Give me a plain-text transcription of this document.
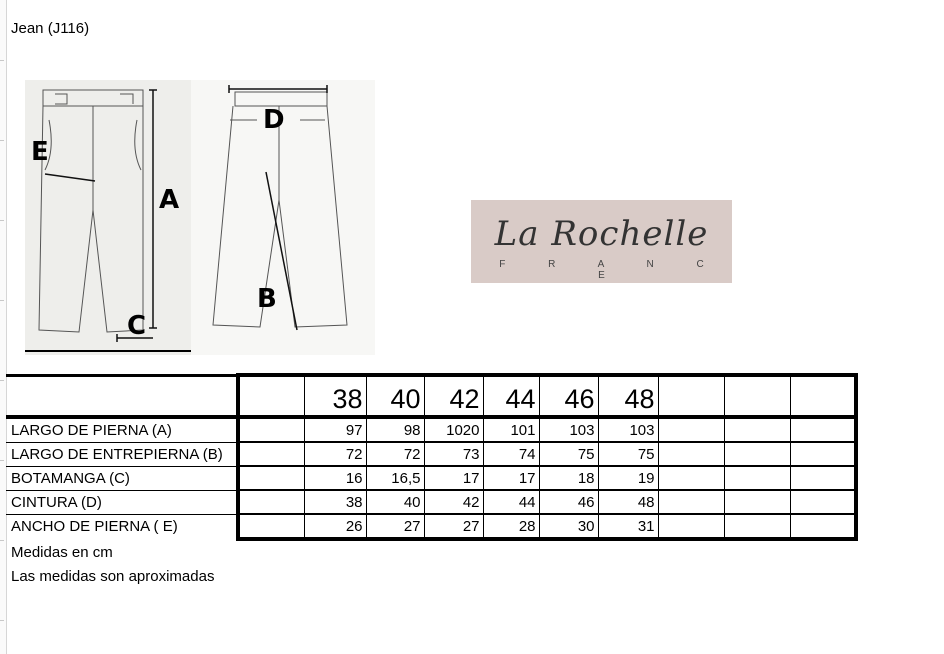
Jean (J116)
A
B
C
D
E
La Rochelle
F R A N C E
		38	40	42	44	46	48			
LARGO DE PIERNA (A)		97	98	1020	101	103	103			
LARGO DE ENTREPIERNA (B)		72	72	73	74	75	75			
BOTAMANGA (C)		16	16,5	17	17	18	19			
CINTURA (D)		38	40	42	44	46	48			
ANCHO DE PIERNA ( E)		26	27	27	28	30	31			
Medidas en cm
Las medidas son aproximadas
